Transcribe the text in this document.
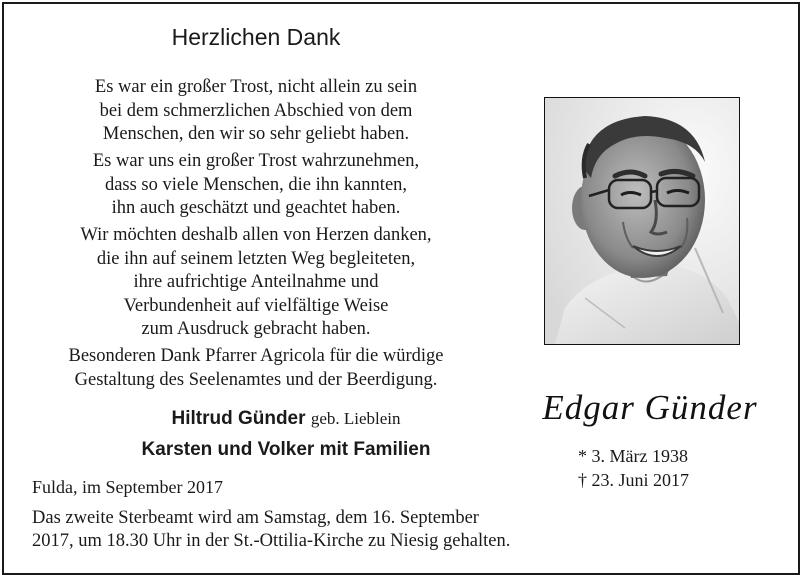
Herzlichen Dank
Es war ein großer Trost, nicht allein zu sein
bei dem schmerzlichen Abschied von dem
Menschen, den wir so sehr geliebt haben.
Es war uns ein großer Trost wahrzunehmen,
dass so viele Menschen, die ihn kannten,
ihn auch geschätzt und geachtet haben.
Wir möchten deshalb allen von Herzen danken,
die ihn auf seinem letzten Weg begleiteten,
ihre aufrichtige Anteilnahme und
Verbundenheit auf vielfältige Weise
zum Ausdruck gebracht haben.
Besonderen Dank Pfarrer Agricola für die würdige
Gestaltung des Seelenamtes und der Beerdigung.
Hiltrud Günder geb. Lieblein
Karsten und Volker mit Familien
Fulda, im September 2017
Das zweite Sterbeamt wird am Samstag, dem 16. September
2017, um 18.30 Uhr in der St.-Ottilia-Kirche zu Niesig gehalten.
Edgar Günder
* 3. März 1938
† 23. Juni 2017
